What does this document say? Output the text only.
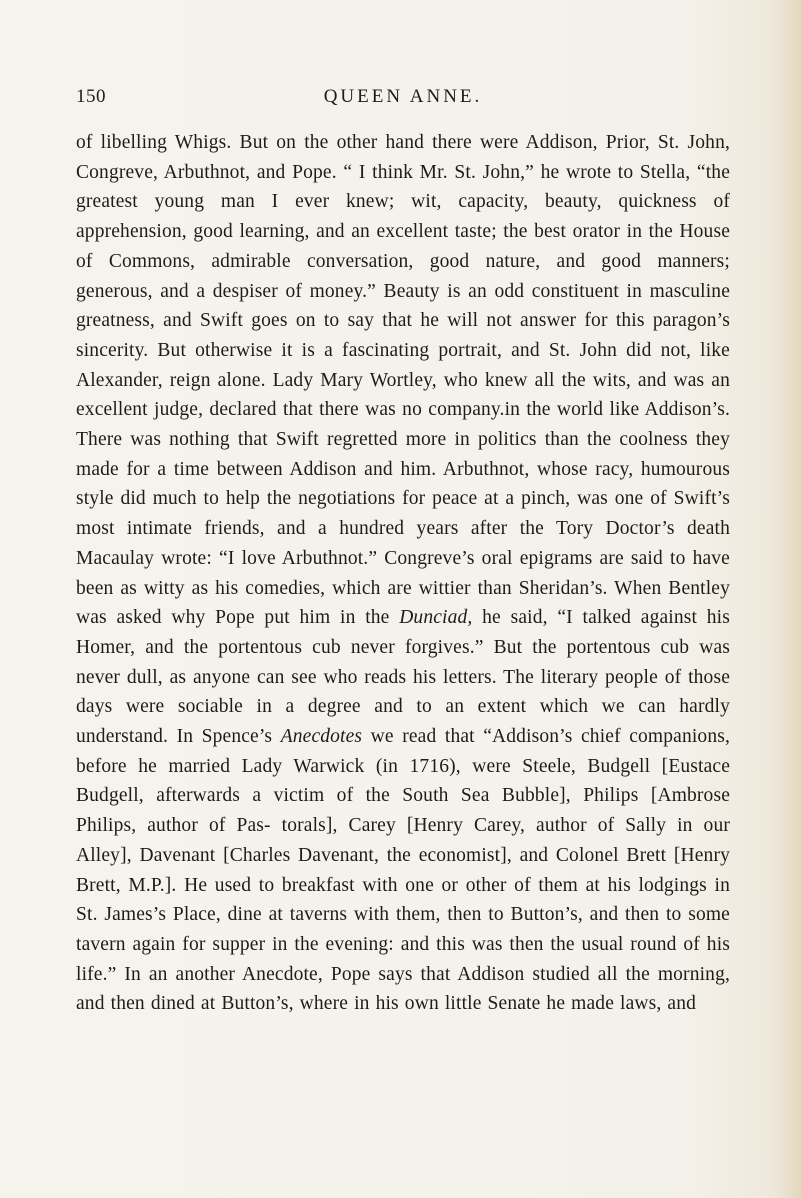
150	QUEEN ANNE.

of libelling Whigs. But on the other hand there were Addison, Prior, St. John, Congreve, Arbuthnot, and Pope. “ I think Mr. St. John,” he wrote to Stella, “the greatest young man I ever knew; wit, capacity, beauty, quickness of apprehension, good learning, and an excellent taste; the best orator in the House of Commons, admirable conversation, good nature, and good manners; generous, and a despiser of money.” Beauty is an odd constituent in masculine greatness, and Swift goes on to say that he will not answer for this paragon’s sincerity. But otherwise it is a fascinating portrait, and St. John did not, like Alexander, reign alone. Lady Mary Wortley, who knew all the wits, and was an excellent judge, declared that there was no company.in the world like Addison’s. There was nothing that Swift regretted more in politics than the coolness they made for a time between Addison and him. Arbuthnot, whose racy, humourous style did much to help the negotiations for peace at a pinch, was one of Swift’s most intimate friends, and a hundred years after the Tory Doctor’s death Macaulay wrote: “I love Arbuthnot.” Congreve’s oral epigrams are said to have been as witty as his comedies, which are wittier than Sheridan’s. When Bentley was asked why Pope put him in the Dunciad, he said, “I talked against his Homer, and the portentous cub never forgives.” But the portentous cub was never dull, as anyone can see who reads his letters. The literary people of those days were sociable in a degree and to an extent which we can hardly understand. In Spence’s Anecdotes we read that “Addison’s chief companions, before he married Lady Warwick (in 1716), were Steele, Budgell [Eustace Budgell, afterwards a victim of the South Sea Bubble], Philips [Ambrose Philips, author of Pas- torals], Carey [Henry Carey, author of Sally in our Alley], Davenant [Charles Davenant, the economist], and Colonel Brett [Henry Brett, M.P.]. He used to breakfast with one or other of them at his lodgings in St. James’s Place, dine at taverns with them, then to Button’s, and then to some tavern again for supper in the evening: and this was then the usual round of his life.” In an another Anecdote, Pope says that Addison studied all the morning, and then dined at Button’s, where in his own little Senate he made laws, and
